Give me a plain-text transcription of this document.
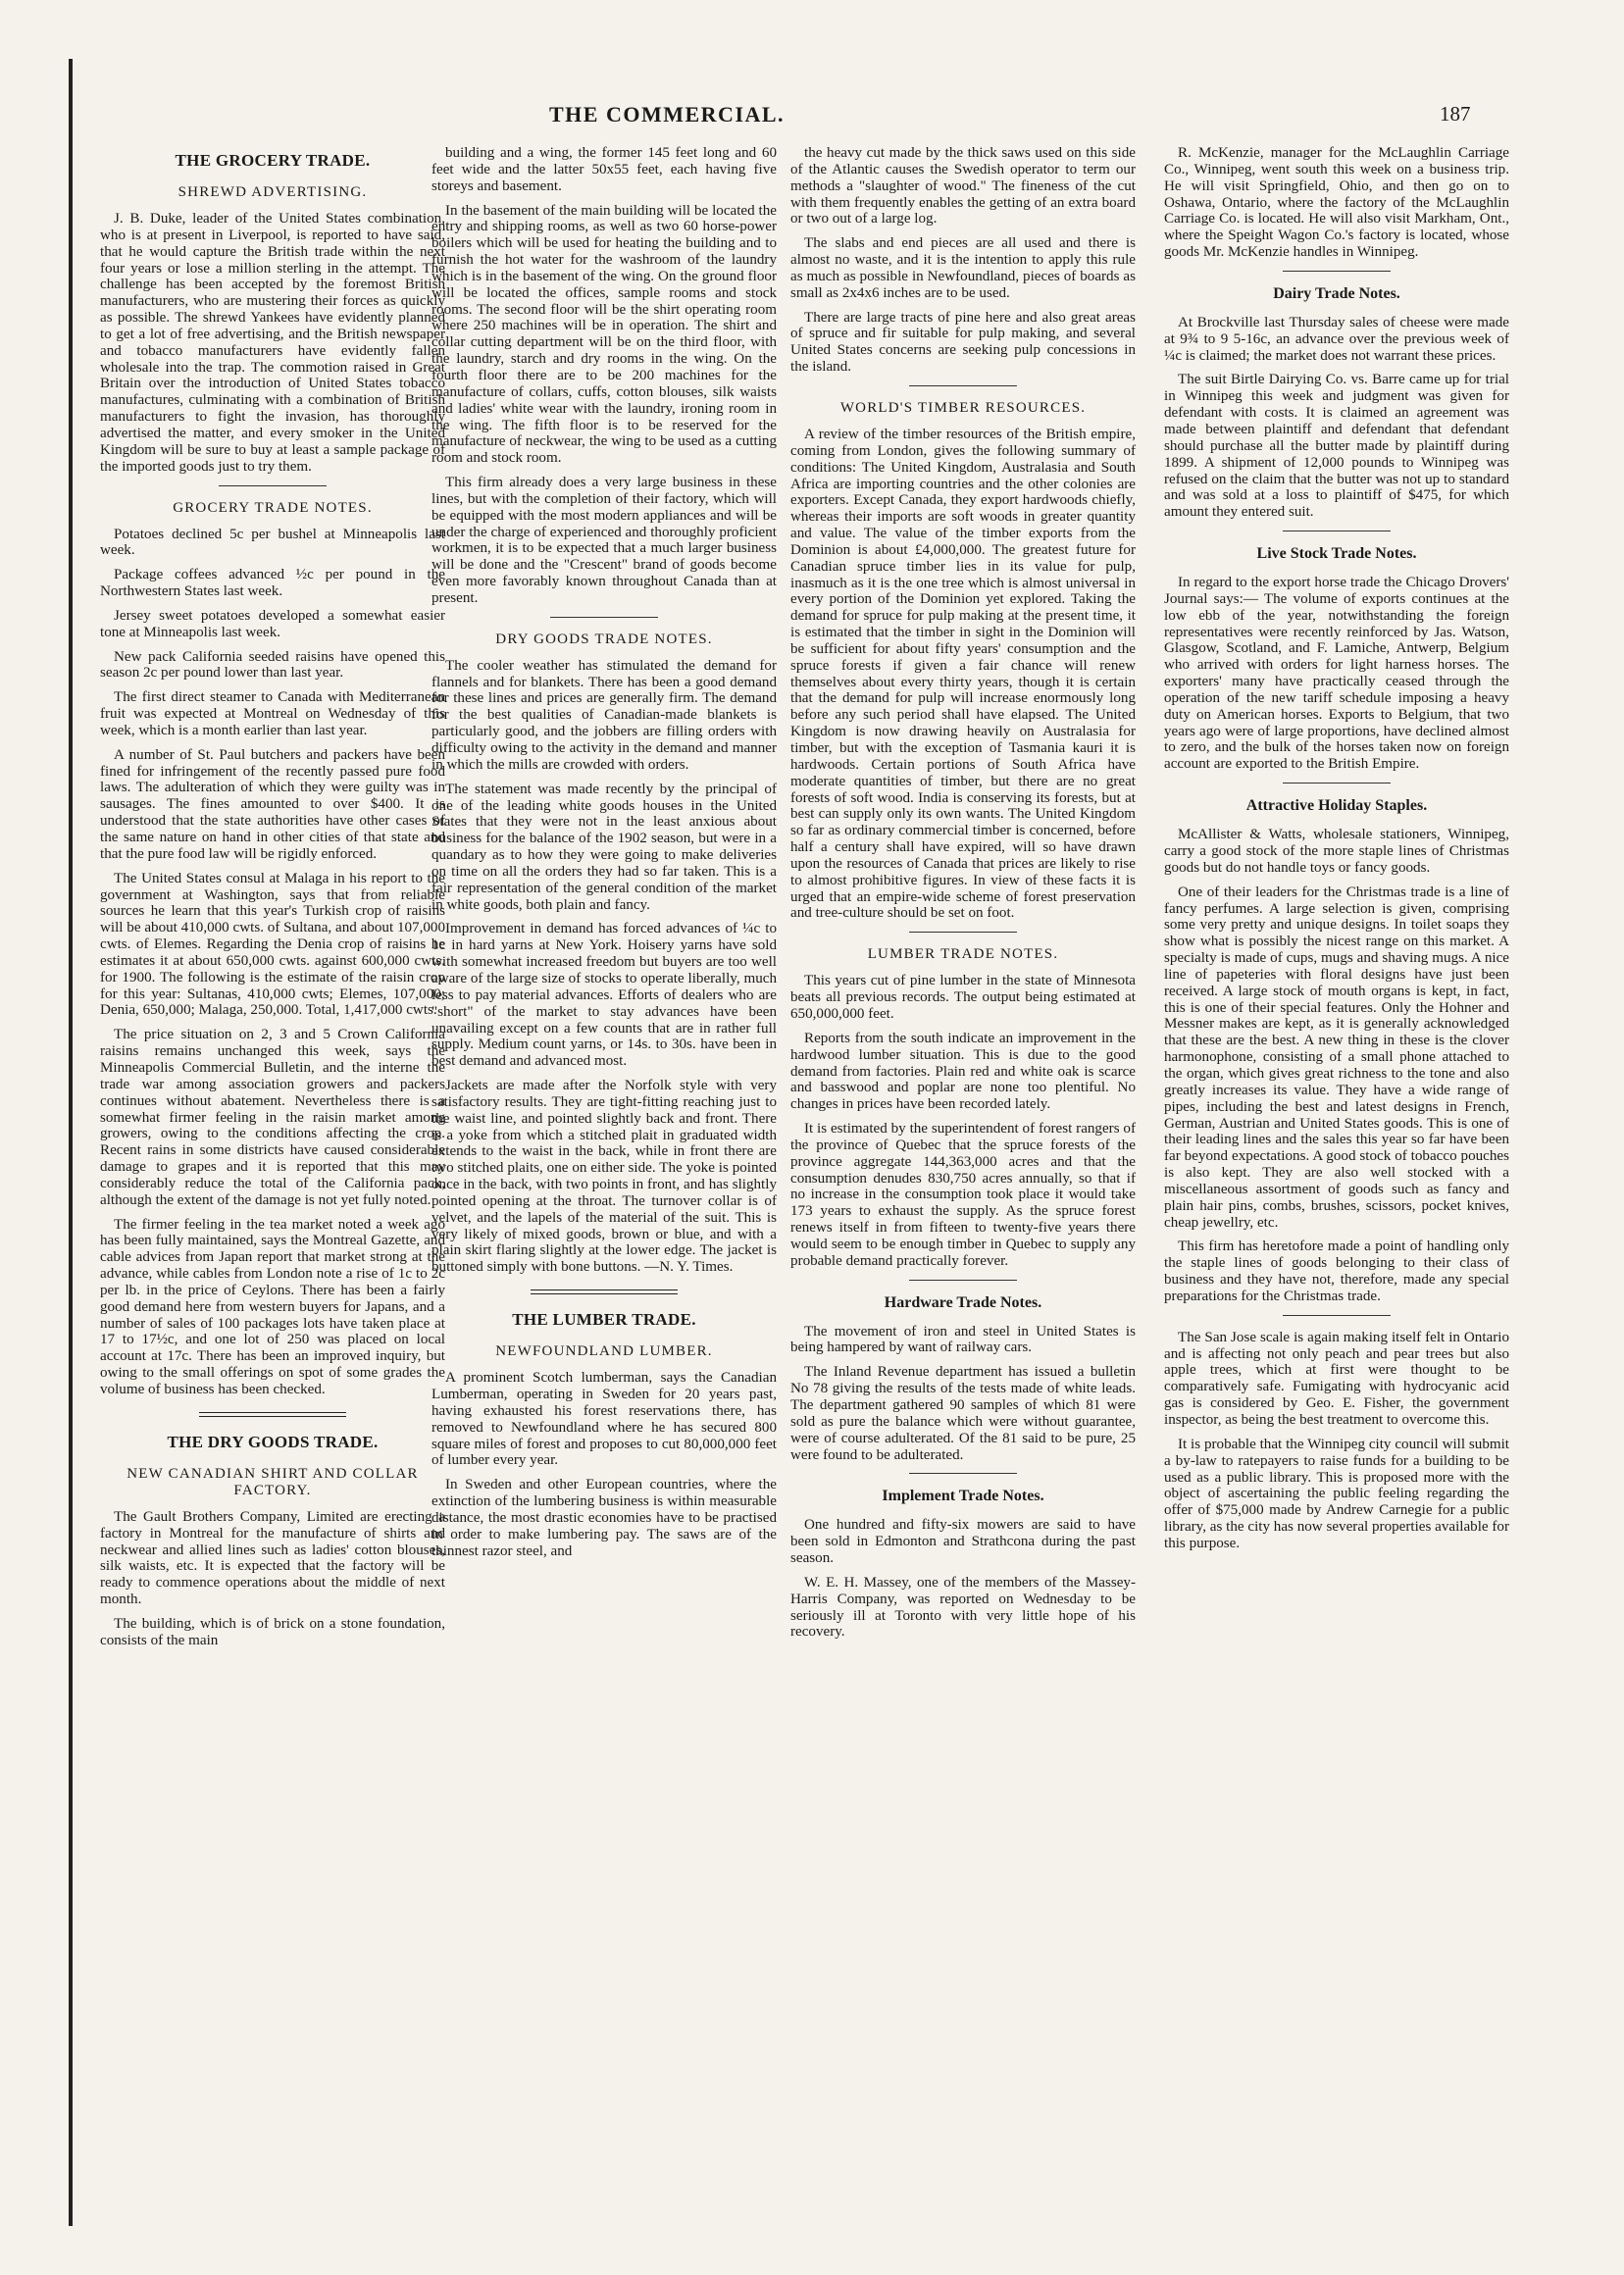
THE COMMERCIAL.	187
THE GROCERY TRADE.
SHREWD ADVERTISING.

J. B. Duke, leader of the United States combination, who is at present in Liverpool, is reported to have said, that he would capture the British trade within the next four years or lose a million sterling in the attempt. The challenge has been accepted by the foremost British manufacturers, who are mustering their forces as quickly as possible. The shrewd Yankees have evidently planned to get a lot of free advertising, and the British newspaper and tobacco manufacturers have evidently fallen wholesale into the trap. The commotion raised in Great Britain over the introduction of United States tobacco manufactures, culminating with a combination of British manufacturers to fight the invasion, has thoroughly advertised the matter, and every smoker in the United Kingdom will be sure to buy at least a sample package of the imported goods just to try them.

GROCERY TRADE NOTES.

Potatoes declined 5c per bushel at Minneapolis last week.

Package coffees advanced ½c per pound in the Northwestern States last week.

Jersey sweet potatoes developed a somewhat easier tone at Minneapolis last week.

New pack California seeded raisins have opened this season 2c per pound lower than last year.

The first direct steamer to Canada with Mediterranean fruit was expected at Montreal on Wednesday of this week, which is a month earlier than last year.

A number of St. Paul butchers and packers have been fined for infringement of the recently passed pure food laws. The adulteration of which they were guilty was in sausages. The fines amounted to over $400. It is understood that the state authorities have other cases of the same nature on hand in other cities of that state and that the pure food law will be rigidly enforced.

The United States consul at Malaga in his report to the government at Washington, says that from reliable sources he learn that this year's Turkish crop of raisins will be about 410,000 cwts. of Sultana, and about 107,000 cwts. of Elemes. Regarding the Denia crop of raisins he estimates it at about 650,000 cwts. against 600,000 cwts. for 1900. The following is the estimate of the raisin crop for this year: Sultanas, 410,000 cwts; Elemes, 107,000; Denia, 650,000; Malaga, 250,000. Total, 1,417,000 cwts.

The price situation on 2, 3 and 5 Crown California raisins remains unchanged this week, says the Minneapolis Commercial Bulletin, and the interne the trade war among association growers and packers continues without abatement. Nevertheless there is a somewhat firmer feeling in the raisin market among growers, owing to the conditions affecting the crop. Recent rains in some districts have caused considerable damage to grapes and it is reported that this may considerably reduce the total of the California pack, although the extent of the damage is not yet fully noted.

The firmer feeling in the tea market noted a week ago has been fully maintained, says the Montreal Gazette, and cable advices from Japan report that market strong at the advance, while cables from London note a rise of 1c to 2c per lb. in the price of Ceylons. There has been a fairly good demand here from western buyers for Japans, and a number of sales of 100 packages lots have taken place at 17 to 17½c, and one lot of 250 was placed on local account at 17c. There has been an improved inquiry, but owing to the small offerings on spot of some grades the volume of business has been checked.

THE DRY GOODS TRADE.
NEW CANADIAN SHIRT AND COLLAR FACTORY.

The Gault Brothers Company, Limited are erecting a factory in Montreal for the manufacture of shirts and neckwear and allied lines such as ladies' cotton blouses, silk waists, etc. It is expected that the factory will be ready to commence operations about the middle of next month.

The building, which is of brick on a stone foundation, consists of the main

building and a wing, the former 145 feet long and 60 feet wide and the latter 50x55 feet, each having five storeys and basement.

In the basement of the main building will be located the entry and shipping rooms, as well as two 60 horse-power boilers which will be used for heating the building and to furnish the hot water for the washroom of the laundry which is in the basement of the wing. On the ground floor will be located the offices, sample rooms and stock rooms. The second floor will be the shirt operating room where 250 machines will be in operation. The shirt and collar cutting department will be on the third floor, with the laundry, starch and dry rooms in the wing. On the fourth floor there are to be 200 machines for the manufacture of collars, cuffs, cotton blouses, silk waists and ladies' white wear with the laundry, ironing room in the wing. The fifth floor is to be reserved for the manufacture of neckwear, the wing to be used as a cutting room and stock room.

This firm already does a very large business in these lines, but with the completion of their factory, which will be equipped with the most modern appliances and will be under the charge of experienced and thoroughly proficient workmen, it is to be expected that a much larger business will be done and the "Crescent" brand of goods become even more favorably known throughout Canada than at present.

DRY GOODS TRADE NOTES.

The cooler weather has stimulated the demand for flannels and for blankets. There has been a good demand for these lines and prices are generally firm. The demand for the best qualities of Canadian-made blankets is particularly good, and the jobbers are filling orders with difficulty owing to the activity in the demand and manner in which the mills are crowded with orders.

The statement was made recently by the principal of one of the leading white goods houses in the United States that they were not in the least anxious about business for the balance of the 1902 season, but were in a quandary as to how they were going to make deliveries on time on all the orders they had so far taken. This is a fair representation of the general condition of the market in white goods, both plain and fancy.

Improvement in demand has forced advances of ¼c to 1c in hard yarns at New York. Hoisery yarns have sold with somewhat increased freedom but buyers are too well aware of the large size of stocks to operate liberally, much less to pay material advances. Efforts of dealers who are "short" of the market to stay advances have been unavailing except on a few counts that are in rather full supply. Medium count yarns, or 14s. to 30s. have been in best demand and advanced most.

Jackets are made after the Norfolk style with very satisfactory results. They are tight-fitting reaching just to the waist line, and pointed slightly back and front. There is a yoke from which a stitched plait in graduated width extends to the waist in the back, while in front there are two stitched plaits, one on either side. The yoke is pointed once in the back, with two points in front, and has slightly pointed opening at the throat. The turnover collar is of velvet, and the lapels of the material of the suit. This is very likely of mixed goods, brown or blue, and with a plain skirt flaring slightly at the lower edge. The jacket is buttoned simply with bone buttons. —N. Y. Times.

THE LUMBER TRADE.
NEWFOUNDLAND LUMBER.

A prominent Scotch lumberman, says the Canadian Lumberman, operating in Sweden for 20 years past, having exhausted his forest reservations there, has removed to Newfoundland where he has secured 800 square miles of forest and proposes to cut 80,000,000 feet of lumber every year.

In Sweden and other European countries, where the extinction of the lumbering business is within measurable distance, the most drastic economies have to be practised in order to make lumbering pay. The saws are of the thinnest razor steel, and

the heavy cut made by the thick saws used on this side of the Atlantic causes the Swedish operator to term our methods a "slaughter of wood." The fineness of the cut with them frequently enables the getting of an extra board or two out of a large log.

The slabs and end pieces are all used and there is almost no waste, and it is the intention to apply this rule as much as possible in Newfoundland, pieces of boards as small as 2x4x6 inches are to be used.

There are large tracts of pine here and also great areas of spruce and fir suitable for pulp making, and several United States concerns are seeking pulp concessions in the island.

WORLD'S TIMBER RESOURCES.

A review of the timber resources of the British empire, coming from London, gives the following summary of conditions: The United Kingdom, Australasia and South Africa are importing countries and the other colonies are exporters. Except Canada, they export hardwoods chiefly, whereas their imports are soft woods in greater quantity and value. The value of the timber exports from the Dominion is about £4,000,000. The greatest future for Canadian spruce timber lies in its value for pulp, inasmuch as it is the one tree which is almost universal in every portion of the Dominion yet explored. Taking the demand for spruce for pulp making at the present time, it is estimated that the timber in sight in the Dominion will be sufficient for about fifty years' consumption and the spruce forests if given a fair chance will renew themselves about every thirty years, though it is certain that the demand for pulp will increase enormously long before any such period shall have elapsed. The United Kingdom is now drawing heavily on Australasia for timber, but with the exception of Tasmania kauri it is hardwoods. Certain portions of South Africa have moderate quantities of timber, but there are no great forests of soft wood. India is conserving its forests, but at best can supply only its own wants. The United Kingdom so far as ordinary commercial timber is concerned, before half a century shall have expired, will so have drawn upon the resources of Canada that prices are likely to rise to almost prohibitive figures. In view of these facts it is urged that an empire-wide scheme of forest preservation and tree-culture should be set on foot.

LUMBER TRADE NOTES.

This years cut of pine lumber in the state of Minnesota beats all previous records. The output being estimated at 650,000,000 feet.

Reports from the south indicate an improvement in the hardwood lumber situation. This is due to the good demand from factories. Plain red and white oak is scarce and basswood and poplar are none too plentiful. No changes in prices have been recorded lately.

It is estimated by the superintendent of forest rangers of the province of Quebec that the spruce forests of the province aggregate 144,363,000 acres and that the consumption denudes 830,750 acres annually, so that if no increase in the consumption took place it would take 173 years to exhaust the supply. As the spruce forest renews itself in from fifteen to twenty-five years there would seem to be enough timber in Quebec to supply any probable demand practically forever.

Hardware Trade Notes.

The movement of iron and steel in United States is being hampered by want of railway cars.

The Inland Revenue department has issued a bulletin No 78 giving the results of the tests made of white leads. The department gathered 90 samples of which 81 were sold as pure the balance which were without guarantee, were of course adulterated. Of the 81 said to be pure, 25 were found to be adulterated.

Implement Trade Notes.

One hundred and fifty-six mowers are said to have been sold in Edmonton and Strathcona during the past season.

W. E. H. Massey, one of the members of the Massey-Harris Company, was reported on Wednesday to be seriously ill at Toronto with very little hope of his recovery.

R. McKenzie, manager for the McLaughlin Carriage Co., Winnipeg, went south this week on a business trip. He will visit Springfield, Ohio, and then go on to Oshawa, Ontario, where the factory of the McLaughlin Carriage Co. is located. He will also visit Markham, Ont., where the Speight Wagon Co.'s factory is located, whose goods Mr. McKenzie handles in Winnipeg.

Dairy Trade Notes.

At Brockville last Thursday sales of cheese were made at 9¾ to 9 5-16c, an advance over the previous week of ¼c is claimed; the market does not warrant these prices.

The suit Birtle Dairying Co. vs. Barre came up for trial in Winnipeg this week and judgment was given for defendant with costs. It is claimed an agreement was made between plaintiff and defendant that defendant should purchase all the butter made by plaintiff during 1899. A shipment of 12,000 pounds to Winnipeg was refused on the claim that the butter was not up to standard and was sold at a loss to plaintiff of $475, for which amount they entered suit.

Live Stock Trade Notes.

In regard to the export horse trade the Chicago Drovers' Journal says:— The volume of exports continues at the low ebb of the year, notwithstanding the foreign representatives were recently reinforced by Jas. Watson, Glasgow, Scotland, and F. Lamiche, Antwerp, Belgium who arrived with orders for light harness horses. The exporters' many have practically ceased through the operation of the new tariff schedule imposing a heavy duty on American horses. Exports to Belgium, that two years ago were of large proportions, have declined almost to zero, and the bulk of the horses taken now on foreign account are exported to the British Empire.

Attractive Holiday Staples.

McAllister & Watts, wholesale stationers, Winnipeg, carry a good stock of the more staple lines of Christmas goods but do not handle toys or fancy goods.

One of their leaders for the Christmas trade is a line of fancy perfumes. A large selection is given, comprising some very pretty and unique designs. In toilet soaps they show what is possibly the nicest range on this market. A specialty is made of cups, mugs and shaving mugs. A nice line of papeteries with floral designs have just been received. A large stock of mouth organs is kept, in fact, this is one of their special features. Only the Hohner and Messner makes are kept, as it is generally acknowledged that these are the best. A new thing in these is the clover harmonophone, consisting of a small phone attached to the organ, which gives great richness to the tone and also greatly increases its value. They have a wide range of pipes, including the best and latest designs in French, German, Austrian and United States goods. This is one of their leading lines and the sales this year so far have been far beyond expectations. A good stock of tobacco pouches is also kept. They are also well stocked with a miscellaneous assortment of goods such as fancy and plain hair pins, combs, brushes, scissors, pocket knives, cheap jewellry, etc.

This firm has heretofore made a point of handling only the staple lines of goods belonging to their class of business and they have not, therefore, made any special preparations for the Christmas trade.

The San Jose scale is again making itself felt in Ontario and is affecting not only peach and pear trees but also apple trees, which at first were thought to be comparatively safe. Fumigating with hydrocyanic acid gas is considered by Geo. E. Fisher, the government inspector, as being the best treatment to overcome this.

It is probable that the Winnipeg city council will submit a by-law to ratepayers to raise funds for a building to be used as a public library. This is proposed more with the object of ascertaining the public feeling regarding the offer of $75,000 made by Andrew Carnegie for a public library, as the city has now several properties available for this purpose.
